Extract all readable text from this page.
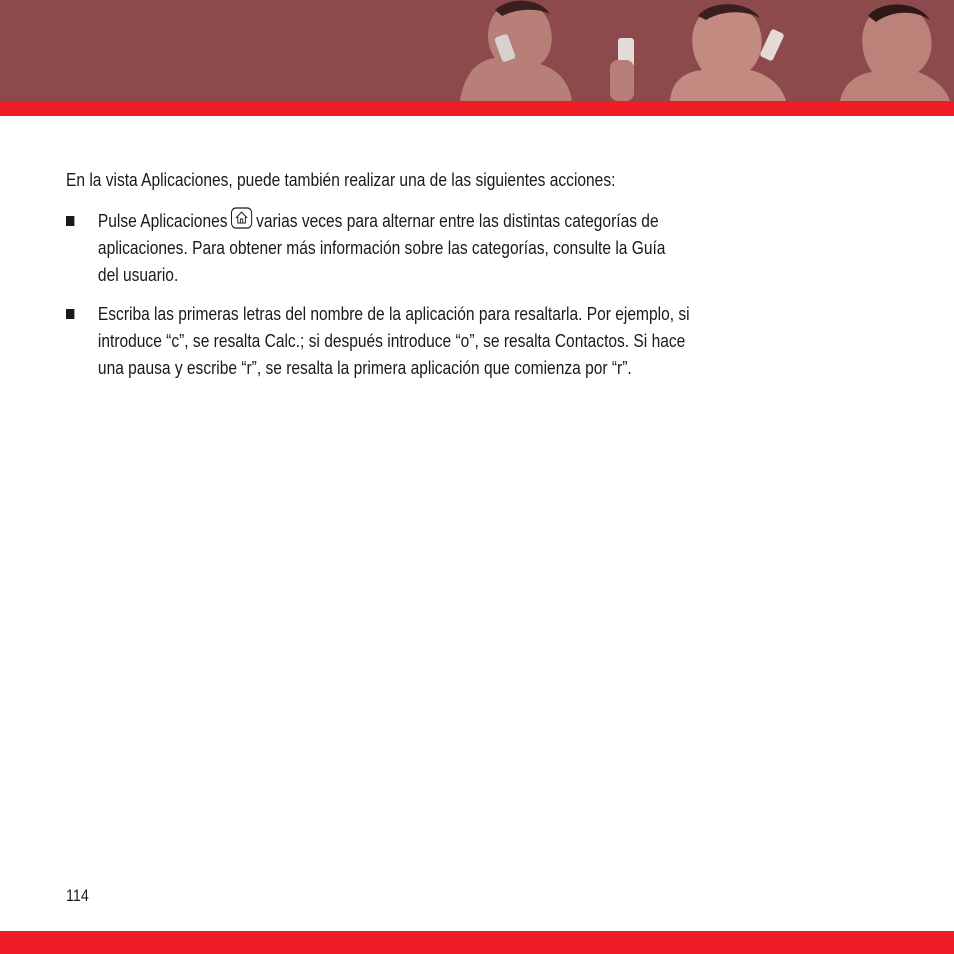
En la vista Aplicaciones, puede también realizar una de las siguientes acciones:

Pulse Aplicaciones varias veces para alternar entre las distintas categorías de
aplicaciones. Para obtener más información sobre las categorías, consulte la Guía
del usuario.
Escriba las primeras letras del nombre de la aplicación para resaltarla. Por ejemplo, si
introduce “c”, se resalta Calc.; si después introduce “o”, se resalta Contactos. Si hace
una pausa y escribe “r”, se resalta la primera aplicación que comienza por “r”.
114
